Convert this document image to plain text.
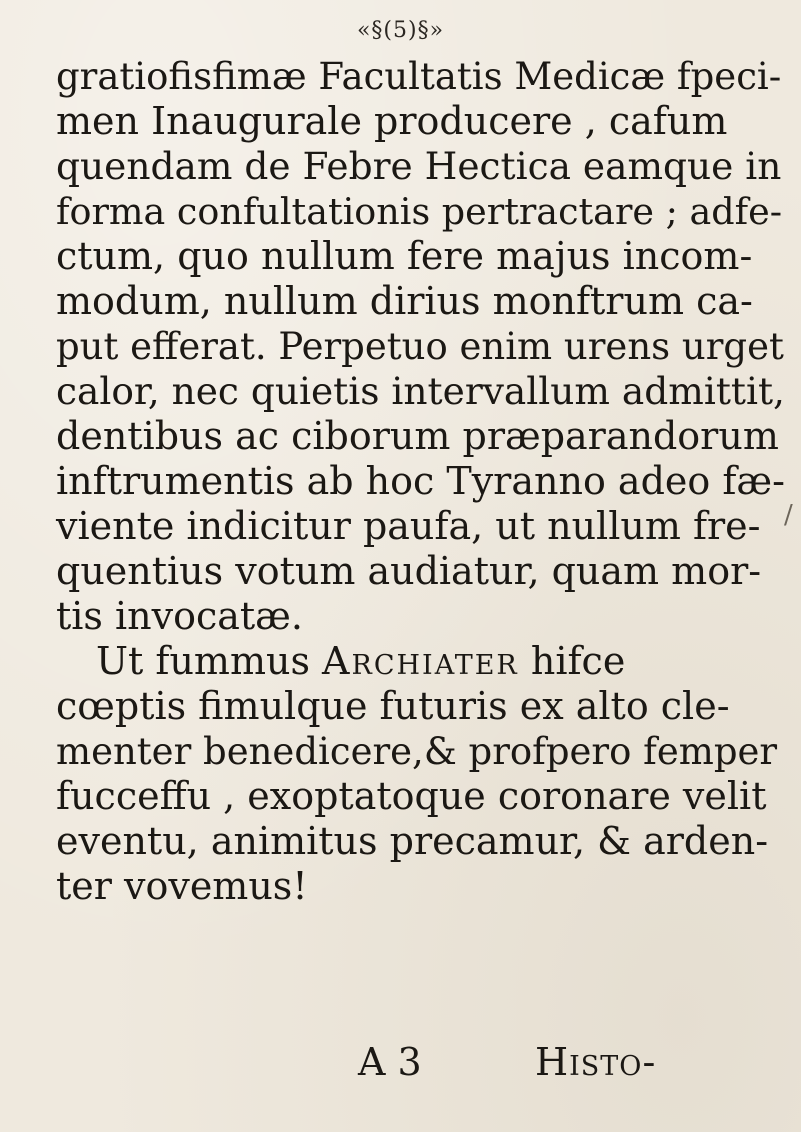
«§(5)§»
gratiofisfimæ Facultatis Medicæ fpeci-
men Inaugurale producere , cafum
quendam de Febre Hectica eamque in
forma confultationis pertractare ; adfe-
ctum, quo nullum fere majus incom-
modum, nullum dirius monftrum ca-
put efferat. Perpetuo enim urens urget
calor, nec quietis intervallum admittit,
dentibus ac ciborum præparandorum
inftrumentis ab hoc Tyranno adeo fæ-
viente indicitur paufa, ut nullum fre-
quentius votum audiatur, quam mor-
tis invocatæ.
Ut fummus Archiater hifce
cœptis fimulque futuris ex alto cle-
menter benedicere,& profpero femper
fucceffu , exoptatoque coronare velit
eventu, animitus precamur, & arden-
ter vovemus!
/
A 3	Histo-
